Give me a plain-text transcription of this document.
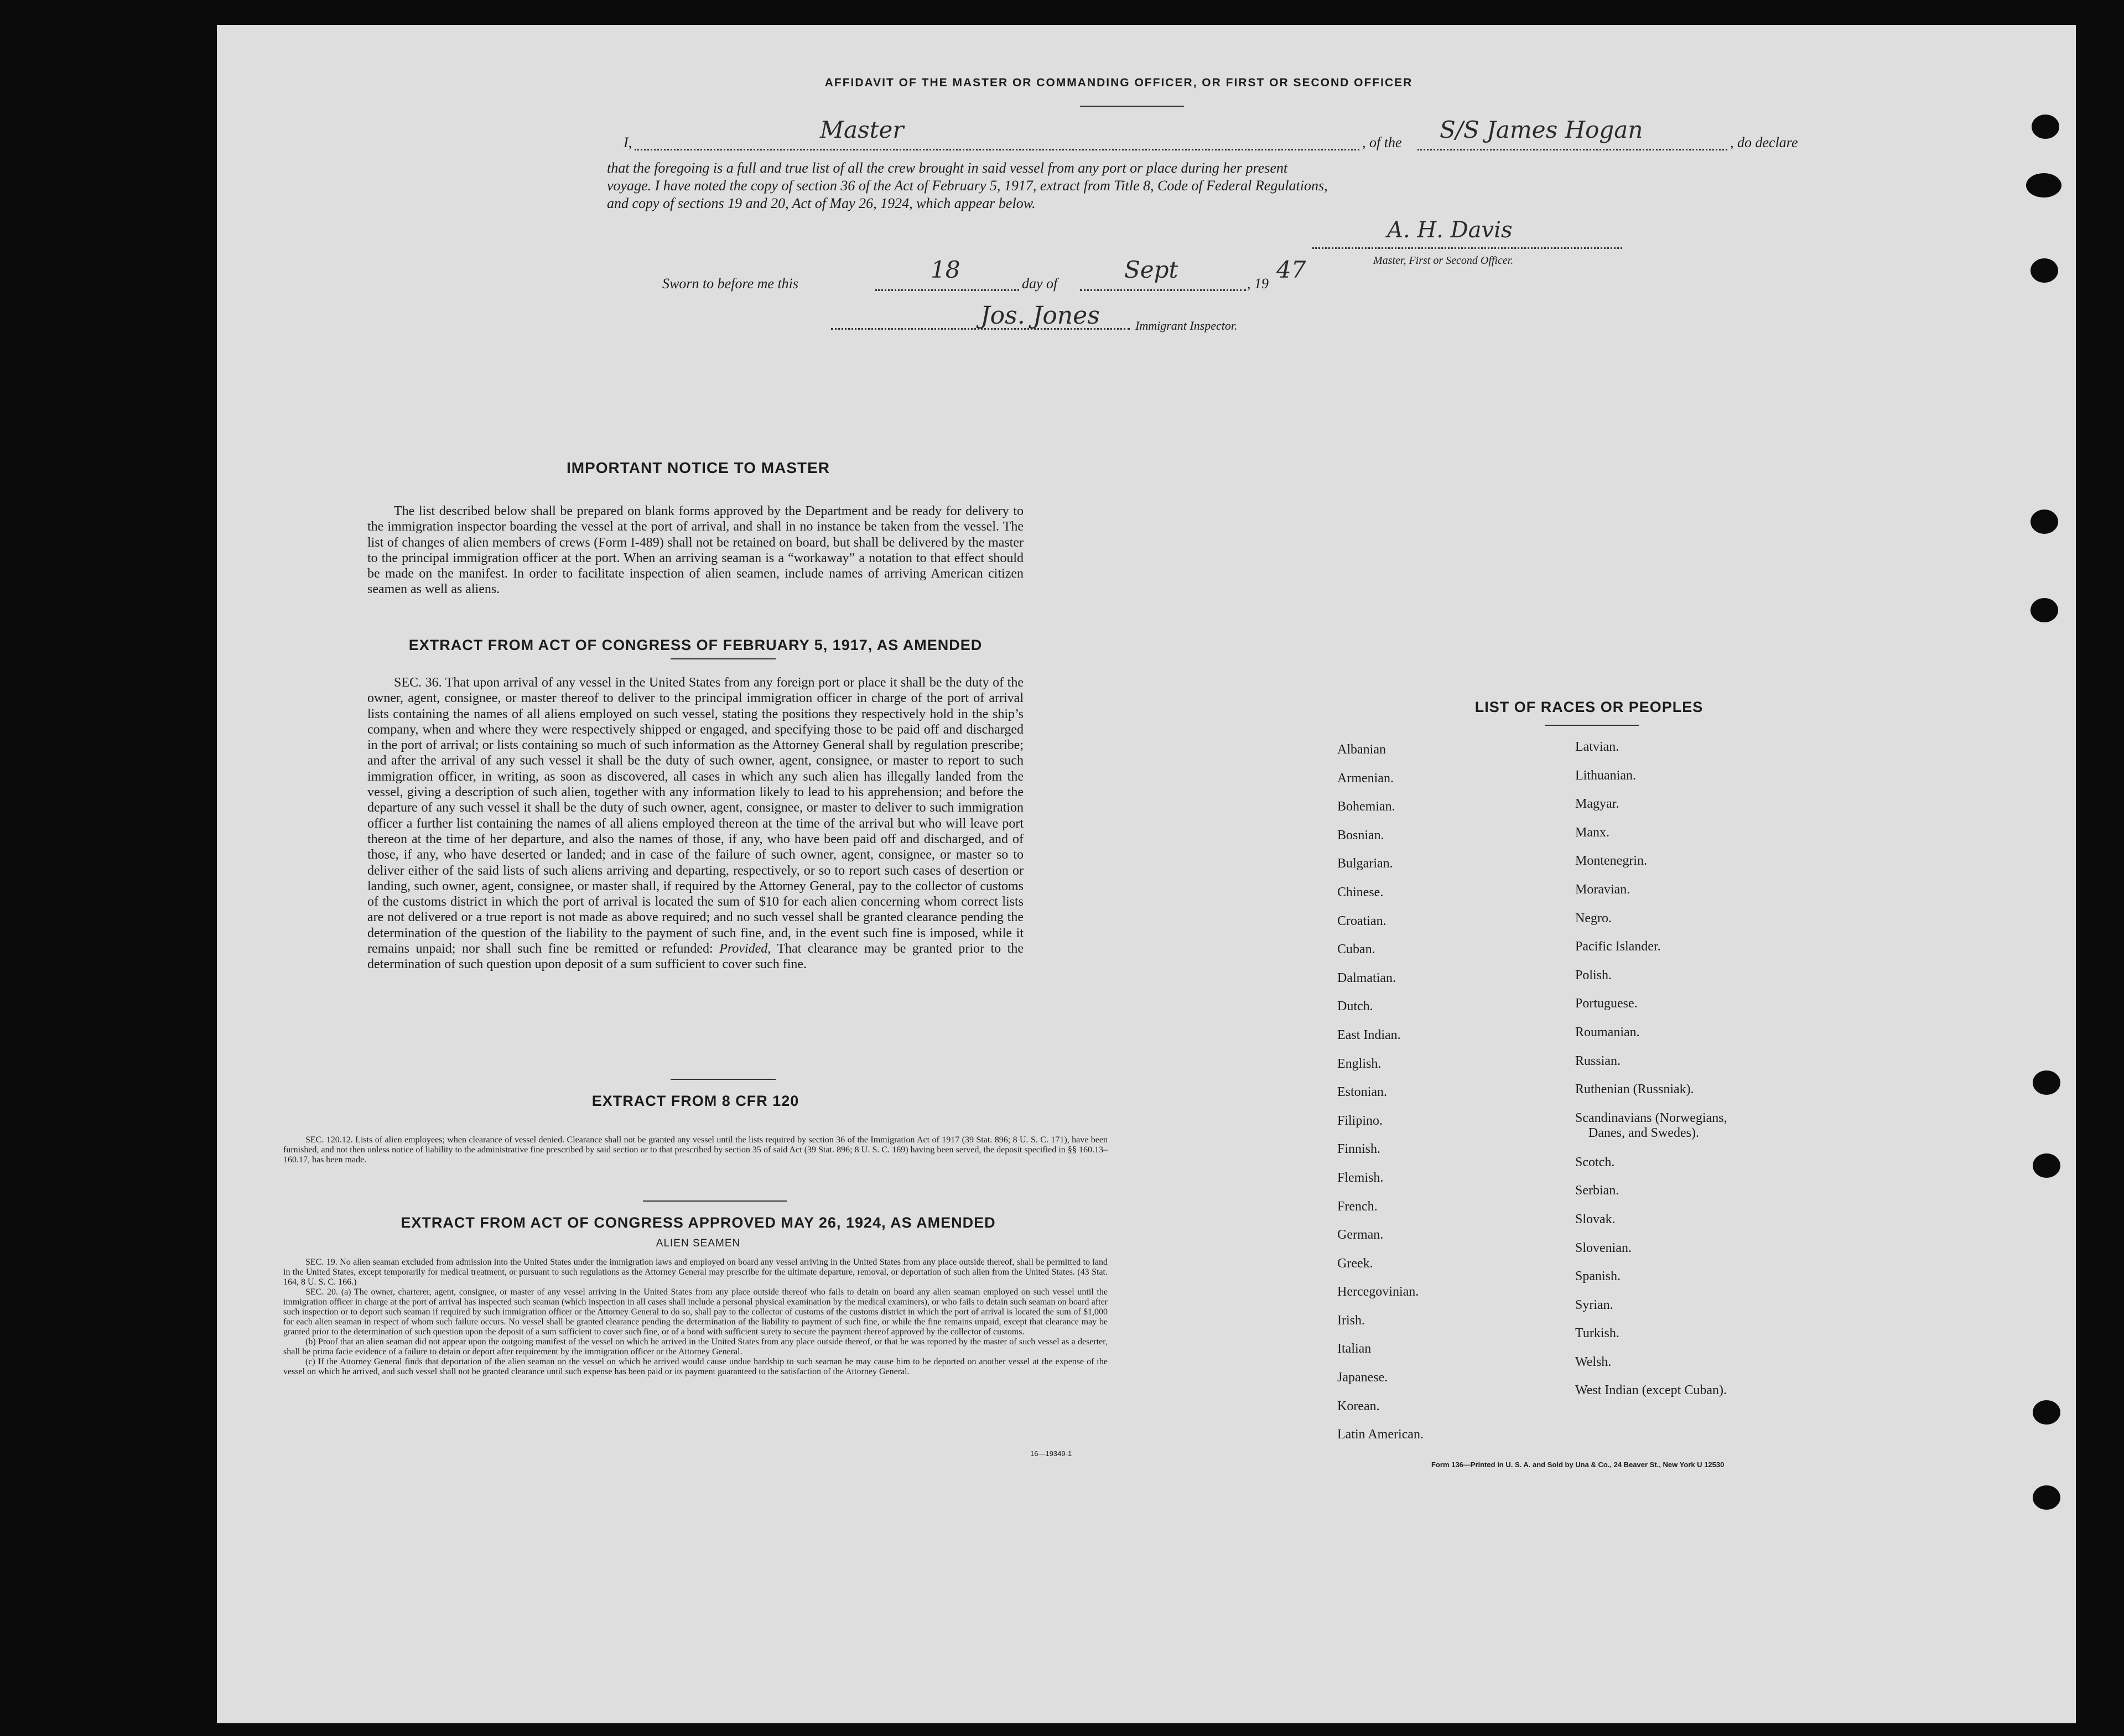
AFFIDAVIT OF THE MASTER OR COMMANDING OFFICER, OR FIRST OR SECOND OFFICER
I,	Master	, of the S/S James Hogan	, do declare
that the foregoing is a full and true list of all the crew brought in said vessel from any port or place during her present
voyage. I have noted the copy of section 36 of the Act of February 5, 1917, extract from Title 8, Code of Federal Regulations,
and copy of sections 19 and 20, Act of May 26, 1924, which appear below.
A. H. Davis
Master, First or Second Officer.
Sworn to before me this
18
day of
Sept
, 19
47
Jos. Jones	Immigrant Inspector.
IMPORTANT NOTICE TO MASTER
The list described below shall be prepared on blank forms approved by the Department and be ready for delivery to the immigration inspector boarding the vessel at the port of arrival, and shall in no instance be taken from the vessel. The list of changes of alien members of crews (Form I-489) shall not be retained on board, but shall be delivered by the master to the principal immigration officer at the port. When an arriving seaman is a “workaway” a notation to that effect should be made on the manifest. In order to facilitate inspection of alien seamen, include names of arriving American citizen seamen as well as aliens.
EXTRACT FROM ACT OF CONGRESS OF FEBRUARY 5, 1917, AS AMENDED
SEC. 36. That upon arrival of any vessel in the United States from any foreign port or place it shall be the duty of the owner, agent, consignee, or master thereof to deliver to the principal immigration officer in charge of the port of arrival lists containing the names of all aliens employed on such vessel, stating the positions they respectively hold in the ship’s company, when and where they were respectively shipped or engaged, and specifying those to be paid off and discharged in the port of arrival; or lists containing so much of such information as the Attorney General shall by regulation prescribe; and after the arrival of any such vessel it shall be the duty of such owner, agent, consignee, or master to report to such immigration officer, in writing, as soon as discovered, all cases in which any such alien has illegally landed from the vessel, giving a description of such alien, together with any information likely to lead to his apprehension; and before the departure of any such vessel it shall be the duty of such owner, agent, consignee, or master to deliver to such immigration officer a further list containing the names of all aliens employed thereon at the time of the arrival but who will leave port thereon at the time of her departure, and also the names of those, if any, who have been paid off and discharged, and of those, if any, who have deserted or landed; and in case of the failure of such owner, agent, consignee, or master so to deliver either of the said lists of such aliens arriving and departing, respectively, or so to report such cases of desertion or landing, such owner, agent, consignee, or master shall, if required by the Attorney General, pay to the collector of customs of the customs district in which the port of arrival is located the sum of $10 for each alien concerning whom correct lists are not delivered or a true report is not made as above required; and no such vessel shall be granted clearance pending the determination of the question of the liability to the payment of such fine, and, in the event such fine is imposed, while it remains unpaid; nor shall such fine be remitted or refunded: Provided, That clearance may be granted prior to the determination of such question upon deposit of a sum sufficient to cover such fine.
EXTRACT FROM 8 CFR 120
SEC. 120.12. Lists of alien employees; when clearance of vessel denied. Clearance shall not be granted any vessel until the lists required by section 36 of the Immigration Act of 1917 (39 Stat. 896; 8 U. S. C. 171), have been furnished, and not then unless notice of liability to the administrative fine prescribed by said section or to that prescribed by section 35 of said Act (39 Stat. 896; 8 U. S. C. 169) having been served, the deposit specified in §§ 160.13–160.17, has been made.
EXTRACT FROM ACT OF CONGRESS APPROVED MAY 26, 1924, AS AMENDED
ALIEN SEAMEN
SEC. 19. No alien seaman excluded from admission into the United States under the immigration laws and employed on board any vessel arriving in the United States from any place outside thereof, shall be permitted to land in the United States, except temporarily for medical treatment, or pursuant to such regulations as the Attorney General may prescribe for the ultimate departure, removal, or deportation of such alien from the United States. (43 Stat. 164, 8 U. S. C. 166.)
SEC. 20. (a) The owner, charterer, agent, consignee, or master of any vessel arriving in the United States from any place outside thereof who fails to detain on board any alien seaman employed on such vessel until the immigration officer in charge at the port of arrival has inspected such seaman (which inspection in all cases shall include a personal physical examination by the medical examiners), or who fails to detain such seaman on board after such inspection or to deport such seaman if required by such immigration officer or the Attorney General to do so, shall pay to the collector of customs of the customs district in which the port of arrival is located the sum of $1,000 for each alien seaman in respect of whom such failure occurs. No vessel shall be granted clearance pending the determination of the liability to payment of such fine, or while the fine remains unpaid, except that clearance may be granted prior to the determination of such question upon the deposit of a sum sufficient to cover such fine, or of a bond with sufficient surety to secure the payment thereof approved by the collector of customs.
(b) Proof that an alien seaman did not appear upon the outgoing manifest of the vessel on which he arrived in the United States from any place outside thereof, or that he was reported by the master of such vessel as a deserter, shall be prima facie evidence of a failure to detain or deport after requirement by the immigration officer or the Attorney General.
(c) If the Attorney General finds that deportation of the alien seaman on the vessel on which he arrived would cause undue hardship to such seaman he may cause him to be deported on another vessel at the expense of the vessel on which he arrived, and such vessel shall not be granted clearance until such expense has been paid or its payment guaranteed to the satisfaction of the Attorney General.
16—19349-1
LIST OF RACES OR PEOPLES
Albanian
Armenian.
Bohemian.
Bosnian.
Bulgarian.
Chinese.
Croatian.
Cuban.
Dalmatian.
Dutch.
East Indian.
English.
Estonian.
Filipino.
Finnish.
Flemish.
French.
German.
Greek.
Hercegovinian.
Irish.
Italian
Japanese.
Korean.
Latin American.
Latvian.
Lithuanian.
Magyar.
Manx.
Montenegrin.
Moravian.
Negro.
Pacific Islander.
Polish.
Portuguese.
Roumanian.
Russian.
Ruthenian (Russniak).
Scandinavians (Norwegians,
Danes, and Swedes).
Scotch.
Serbian.
Slovak.
Slovenian.
Spanish.
Syrian.
Turkish.
Welsh.
West Indian (except Cuban).
Form 136—Printed in U. S. A. and Sold by Una & Co., 24 Beaver St., New York U 12530
